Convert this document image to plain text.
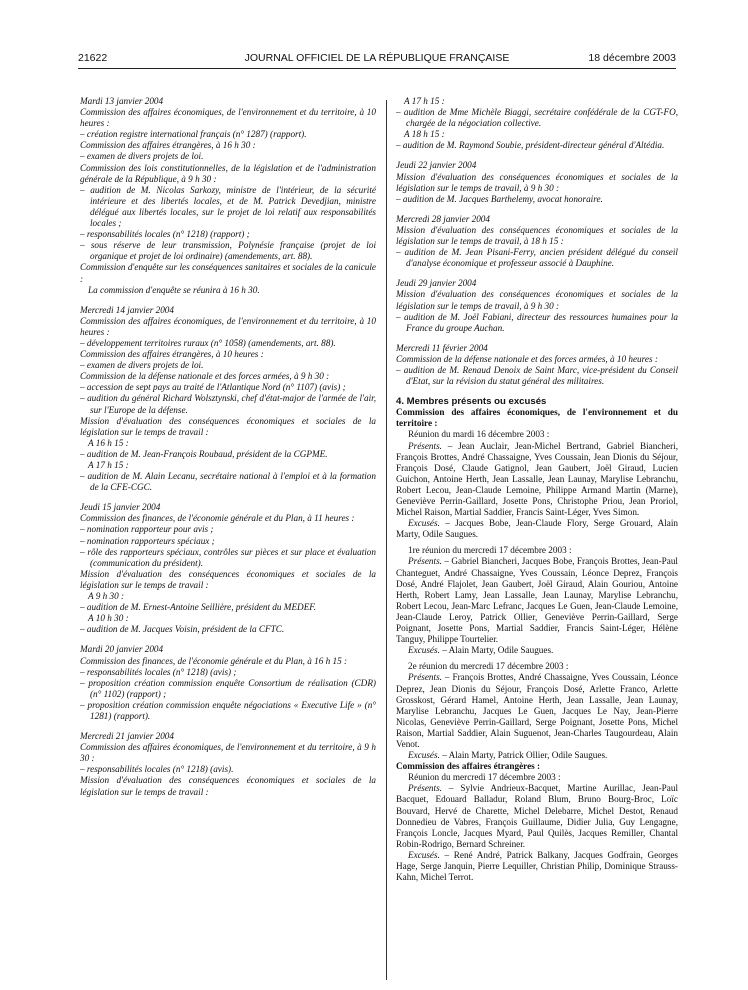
21622	JOURNAL OFFICIEL DE LA RÉPUBLIQUE FRANÇAISE	18 décembre 2003

Mardi 13 janvier 2004

Commission des affaires économiques, de l'environnement et du territoire, à 10 heures :

– création registre international français (n° 1287) (rapport).

Commission des affaires étrangères, à 16 h 30 :

– examen de divers projets de loi.

Commission des lois constitutionnelles, de la législation et de l'administration générale de la République, à 9 h 30 :

– audition de M. Nicolas Sarkozy, ministre de l'intérieur, de la sécurité intérieure et des libertés locales, et de M. Patrick Devedjian, ministre délégué aux libertés locales, sur le projet de loi relatif aux responsabilités locales ;

– responsabilités locales (n° 1218) (rapport) ;

– sous réserve de leur transmission, Polynésie française (projet de loi organique et projet de loi ordinaire) (amendements, art. 88).

Commission d'enquête sur les conséquences sanitaires et sociales de la canicule :

La commission d'enquête se réunira à 16 h 30.

Mercredi 14 janvier 2004

Commission des affaires économiques, de l'environnement et du territoire, à 10 heures :

– développement territoires ruraux (n° 1058) (amendements, art. 88).

Commission des affaires étrangères, à 10 heures :

– examen de divers projets de loi.

Commission de la défense nationale et des forces armées, à 9 h 30 :

– accession de sept pays au traité de l'Atlantique Nord (n° 1107) (avis) ;

– audition du général Richard Wolsztynski, chef d'état-major de l'armée de l'air, sur l'Europe de la défense.

Mission d'évaluation des conséquences économiques et sociales de la législation sur le temps de travail :

A 16 h 15 :

– audition de M. Jean-François Roubaud, président de la CGPME.

A 17 h 15 :

– audition de M. Alain Lecanu, secrétaire national à l'emploi et à la formation de la CFE-CGC.

Jeudi 15 janvier 2004

Commission des finances, de l'économie générale et du Plan, à 11 heures :

– nomination rapporteur pour avis ;

– nomination rapporteurs spéciaux ;

– rôle des rapporteurs spéciaux, contrôles sur pièces et sur place et évaluation (communication du président).

Mission d'évaluation des conséquences économiques et sociales de la législation sur le temps de travail :

A 9 h 30 :

– audition de M. Ernest-Antoine Seillière, président du MEDEF.

A 10 h 30 :

– audition de M. Jacques Voisin, président de la CFTC.

Mardi 20 janvier 2004

Commission des finances, de l'économie générale et du Plan, à 16 h 15 :

– responsabilités locales (n° 1218) (avis) ;

– proposition création commission enquête Consortium de réalisation (CDR) (n° 1102) (rapport) ;

– proposition création commission enquête négociations « Executive Life » (n° 1281) (rapport).

Mercredi 21 janvier 2004

Commission des affaires économiques, de l'environnement et du territoire, à 9 h 30 :

– responsabilités locales (n° 1218) (avis).

Mission d'évaluation des conséquences économiques et sociales de la législation sur le temps de travail :

A 17 h 15 :

– audition de Mme Michèle Biaggi, secrétaire confédérale de la CGT-FO, chargée de la négociation collective.

A 18 h 15 :

– audition de M. Raymond Soubie, président-directeur général d'Altédia.

Jeudi 22 janvier 2004

Mission d'évaluation des conséquences économiques et sociales de la législation sur le temps de travail, à 9 h 30 :

– audition de M. Jacques Barthelemy, avocat honoraire.

Mercredi 28 janvier 2004

Mission d'évaluation des conséquences économiques et sociales de la législation sur le temps de travail, à 18 h 15 :

– audition de M. Jean Pisani-Ferry, ancien président délégué du conseil d'analyse économique et professeur associé à Dauphine.

Jeudi 29 janvier 2004

Mission d'évaluation des conséquences économiques et sociales de la législation sur le temps de travail, à 9 h 30 :

– audition de M. Joël Fabiani, directeur des ressources humaines pour la France du groupe Auchan.

Mercredi 11 février 2004

Commission de la défense nationale et des forces armées, à 10 heures :

– audition de M. Renaud Denoix de Saint Marc, vice-président du Conseil d'Etat, sur la révision du statut général des militaires.

4. Membres présents ou excusés

Commission des affaires économiques, de l'environnement et du territoire :

Réunion du mardi 16 décembre 2003 :

Présents. – Jean Auclair, Jean-Michel Bertrand, Gabriel Biancheri, François Brottes, André Chassaigne, Yves Coussain, Jean Dionis du Séjour, François Dosé, Claude Gatignol, Jean Gaubert, Joël Giraud, Lucien Guichon, Antoine Herth, Jean Lassalle, Jean Launay, Marylise Lebranchu, Robert Lecou, Jean-Claude Lemoine, Philippe Armand Martin (Marne), Geneviève Perrin-Gaillard, Josette Pons, Christophe Priou, Jean Proriol, Michel Raison, Martial Saddier, Francis Saint-Léger, Yves Simon.

Excusés. – Jacques Bobe, Jean-Claude Flory, Serge Grouard, Alain Marty, Odile Saugues.

1re réunion du mercredi 17 décembre 2003 :

Présents. – Gabriel Biancheri, Jacques Bobe, François Brottes, Jean-Paul Chanteguet, André Chassaigne, Yves Coussain, Léonce Deprez, François Dosé, André Flajolet, Jean Gaubert, Joël Giraud, Alain Gouriou, Antoine Herth, Robert Lamy, Jean Lassalle, Jean Launay, Marylise Lebranchu, Robert Lecou, Jean-Marc Lefranc, Jacques Le Guen, Jean-Claude Lemoine, Jean-Claude Leroy, Patrick Ollier, Geneviève Perrin-Gaillard, Serge Poignant, Josette Pons, Martial Saddier, Francis Saint-Léger, Hélène Tanguy, Philippe Tourtelier.

Excusés. – Alain Marty, Odile Saugues.

2e réunion du mercredi 17 décembre 2003 :

Présents. – François Brottes, André Chassaigne, Yves Coussain, Léonce Deprez, Jean Dionis du Séjour, François Dosé, Arlette Franco, Arlette Grosskost, Gérard Hamel, Antoine Herth, Jean Lassalle, Jean Launay, Marylise Lebranchu, Jacques Le Guen, Jacques Le Nay, Jean-Pierre Nicolas, Geneviève Perrin-Gaillard, Serge Poignant, Josette Pons, Michel Raison, Martial Saddier, Alain Suguenot, Jean-Charles Taugourdeau, Alain Venot.

Excusés. – Alain Marty, Patrick Ollier, Odile Saugues.

Commission des affaires étrangères :

Réunion du mercredi 17 décembre 2003 :

Présents. – Sylvie Andrieux-Bacquet, Martine Aurillac, Jean-Paul Bacquet, Edouard Balladur, Roland Blum, Bruno Bourg-Broc, Loïc Bouvard, Hervé de Charette, Michel Delebarre, Michel Destot, Renaud Donnedieu de Vabres, François Guillaume, Didier Julia, Guy Lengagne, François Loncle, Jacques Myard, Paul Quilès, Jacques Remiller, Chantal Robin-Rodrigo, Bernard Schreiner.

Excusés. – René André, Patrick Balkany, Jacques Godfrain, Georges Hage, Serge Janquin, Pierre Lequiller, Christian Philip, Dominique Strauss-Kahn, Michel Terrot.
